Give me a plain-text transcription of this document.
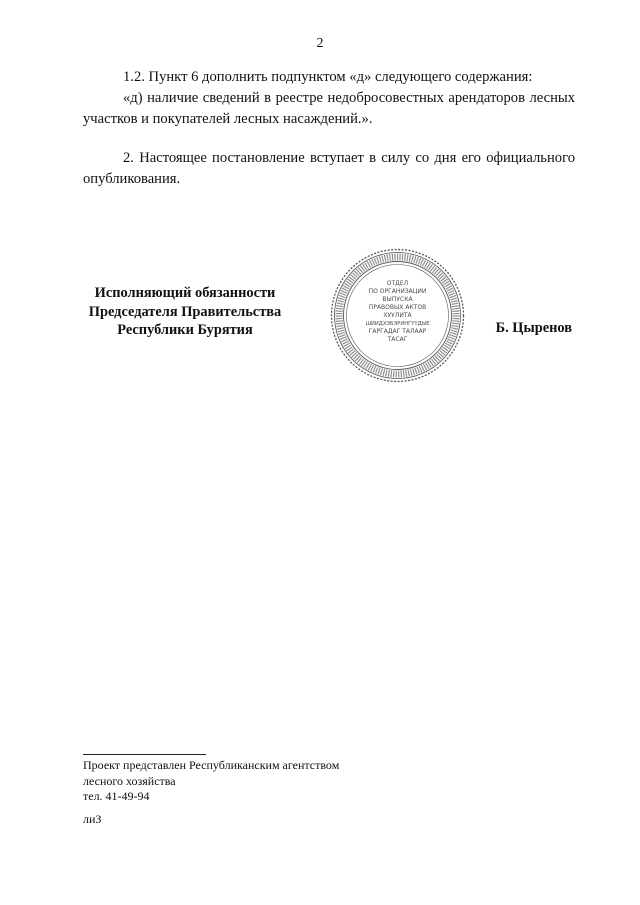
2

1.2. Пункт 6 дополнить подпунктом «д» следующего содержания:

«д) наличие сведений в реестре недобросовестных арендаторов лесных участков и покупателей лесных насаждений.».

2. Настоящее постановление вступает в силу со дня его официального опубликования.

Исполняющий обязанности
Председателя Правительства
Республики Бурятия
ОТДЕЛ
ПО ОРГАНИЗАЦИИ
ВЫПУСКА
ПРАВОВЫХ АКТОВ
ХУУЛИТА
ШИИДХЭБЭРИНГҮҮДЫЕ
ГАРГАДАГ ТАЛААР
ТАСАГ
Б. Цыренов
Проект представлен Республиканским агентством
лесного хозяйства
тел. 41-49-94
лиЗ
